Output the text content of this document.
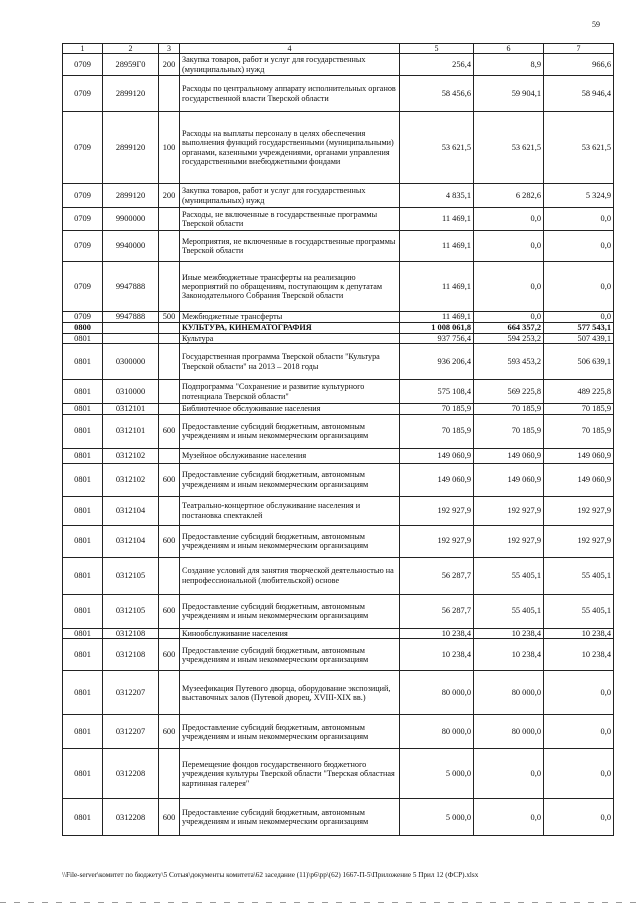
59
1	2	3	4	5	6	7
0709	28959Г0	200	Закупка товаров, работ и услуг для государственных (муниципальных) нужд	256,4	8,9	966,6
0709	2899120		Расходы по центральному аппарату исполнительных органов государственной власти Тверской области	58 456,6	59 904,1	58 946,4
0709	2899120	100	Расходы на выплаты персоналу в целях обеспечения выполнения функций государственными (муниципальными) органами, казенными учреждениями, органами управления государственными внебюджетными фондами	53 621,5	53 621,5	53 621,5
0709	2899120	200	Закупка товаров, работ и услуг для государственных (муниципальных) нужд	4 835,1	6 282,6	5 324,9
0709	9900000		Расходы, не включенные в государственные программы Тверской области	11 469,1	0,0	0,0
0709	9940000		Мероприятия, не включенные в государственные программы Тверской области	11 469,1	0,0	0,0
0709	9947888		Иные межбюджетные трансферты на реализацию мероприятий по обращениям, поступающим к депутатам Законодательного Собрания Тверской области	11 469,1	0,0	0,0
0709	9947888	500	Межбюджетные трансферты	11 469,1	0,0	0,0
0800			КУЛЬТУРА, КИНЕМАТОГРАФИЯ	1 008 061,8	664 357,2	577 543,1
0801			Культура	937 756,4	594 253,2	507 439,1
0801	0300000		Государственная программа Тверской области "Культура Тверской области" на 2013 – 2018 годы	936 206,4	593 453,2	506 639,1
0801	0310000		Подпрограмма "Сохранение и развитие культурного потенциала Тверской области"	575 108,4	569 225,8	489 225,8
0801	0312101		Библиотечное обслуживание населения	70 185,9	70 185,9	70 185,9
0801	0312101	600	Предоставление субсидий бюджетным, автономным учреждениям и иным некоммерческим организациям	70 185,9	70 185,9	70 185,9
0801	0312102		Музейное обслуживание населения	149 060,9	149 060,9	149 060,9
0801	0312102	600	Предоставление субсидий бюджетным, автономным учреждениям и иным некоммерческим организациям	149 060,9	149 060,9	149 060,9
0801	0312104		Театрально-концертное обслуживание населения и постановка спектаклей	192 927,9	192 927,9	192 927,9
0801	0312104	600	Предоставление субсидий бюджетным, автономным учреждениям и иным некоммерческим организациям	192 927,9	192 927,9	192 927,9
0801	0312105		Создание условий для занятия творческой деятельностью на непрофессиональной (любительской) основе	56 287,7	55 405,1	55 405,1
0801	0312105	600	Предоставление субсидий бюджетным, автономным учреждениям и иным некоммерческим организациям	56 287,7	55 405,1	55 405,1
0801	0312108		Кинообслуживание населения	10 238,4	10 238,4	10 238,4
0801	0312108	600	Предоставление субсидий бюджетным, автономным учреждениям и иным некоммерческим организациям	10 238,4	10 238,4	10 238,4
0801	0312207		Музеефикация Путевого дворца, оборудование экспозиций, выставочных залов (Путевой дворец, XVIII-XIX вв.)	80 000,0	80 000,0	0,0
0801	0312207	600	Предоставление субсидий бюджетным, автономным учреждениям и иным некоммерческим организациям	80 000,0	80 000,0	0,0
0801	0312208		Перемещение фондов государственного бюджетного учреждения культуры Тверской области "Тверская областная картинная галерея"	5 000,0	0,0	0,0
0801	0312208	600	Предоставление субсидий бюджетным, автономным учреждениям и иным некоммерческим организациям	5 000,0	0,0	0,0
\\File-server\комитет по бюджету\5 Сотыя\документы комитета\62 заседание (11)\р6\рр\(62) 1667-П-5\Приложение 5 Прил 12 (ФСР).xlsx
